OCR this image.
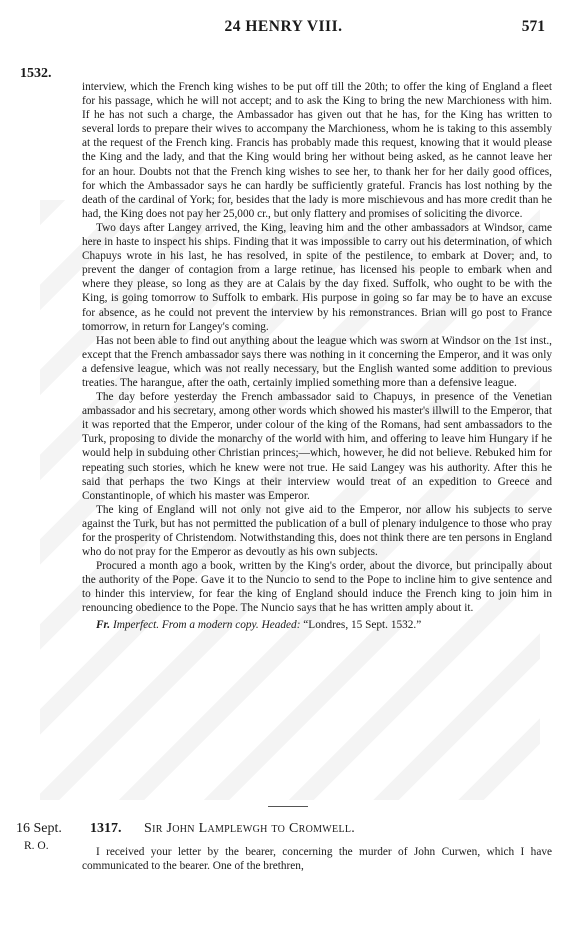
24 HENRY VIII.	571
1532.

interview, which the French king wishes to be put off till the 20th; to offer the king of England a fleet for his passage, which he will not accept; and to ask the King to bring the new Marchioness with him. If he has not such a charge, the Ambassador has given out that he has, for the King has written to several lords to prepare their wives to accompany the Marchioness, whom he is taking to this assembly at the request of the French king. Francis has probably made this request, knowing that it would please the King and the lady, and that the King would bring her without being asked, as he cannot leave her for an hour. Doubts not that the French king wishes to see her, to thank her for her daily good offices, for which the Ambassador says he can hardly be sufficiently grateful. Francis has lost nothing by the death of the cardinal of York; for, besides that the lady is more mischievous and has more credit than he had, the King does not pay her 25,000 cr., but only flattery and promises of soliciting the divorce.

Two days after Langey arrived, the King, leaving him and the other ambassadors at Windsor, came here in haste to inspect his ships. Finding that it was impossible to carry out his determination, of which Chapuys wrote in his last, he has resolved, in spite of the pestilence, to embark at Dover; and, to prevent the danger of contagion from a large retinue, has licensed his people to embark when and where they please, so long as they are at Calais by the day fixed. Suffolk, who ought to be with the King, is going tomorrow to Suffolk to embark. His purpose in going so far may be to have an excuse for absence, as he could not prevent the interview by his remonstrances. Brian will go post to France tomorrow, in return for Langey's coming.

Has not been able to find out anything about the league which was sworn at Windsor on the 1st inst., except that the French ambassador says there was nothing in it concerning the Emperor, and it was only a defensive league, which was not really necessary, but the English wanted some addition to previous treaties. The harangue, after the oath, certainly implied something more than a defensive league.

The day before yesterday the French ambassador said to Chapuys, in presence of the Venetian ambassador and his secretary, among other words which showed his master's illwill to the Emperor, that it was reported that the Emperor, under colour of the king of the Romans, had sent ambassadors to the Turk, proposing to divide the monarchy of the world with him, and offering to leave him Hungary if he would help in subduing other Christian princes;—which, however, he did not believe. Rebuked him for repeating such stories, which he knew were not true. He said Langey was his authority. After this he said that perhaps the two Kings at their interview would treat of an expedition to Greece and Constantinople, of which his master was Emperor.

The king of England will not only not give aid to the Emperor, nor allow his subjects to serve against the Turk, but has not permitted the publication of a bull of plenary indulgence to those who pray for the prosperity of Christendom. Notwithstanding this, does not think there are ten persons in England who do not pray for the Emperor as devoutly as his own subjects.

Procured a month ago a book, written by the King's order, about the divorce, but principally about the authority of the Pope. Gave it to the Nuncio to send to the Pope to incline him to give sentence and to hinder this interview, for fear the king of England should induce the French king to join him in renouncing obedience to the Pope. The Nuncio says that he has written amply about it.

Fr. Imperfect. From a modern copy. Headed: “Londres, 15 Sept. 1532.”
16 Sept. 1317. Sir John Lamplewgh to Cromwell.
R. O.	I received your letter by the bearer, concerning the murder of John Curwen, which I have communicated to the bearer. One of the brethren,
